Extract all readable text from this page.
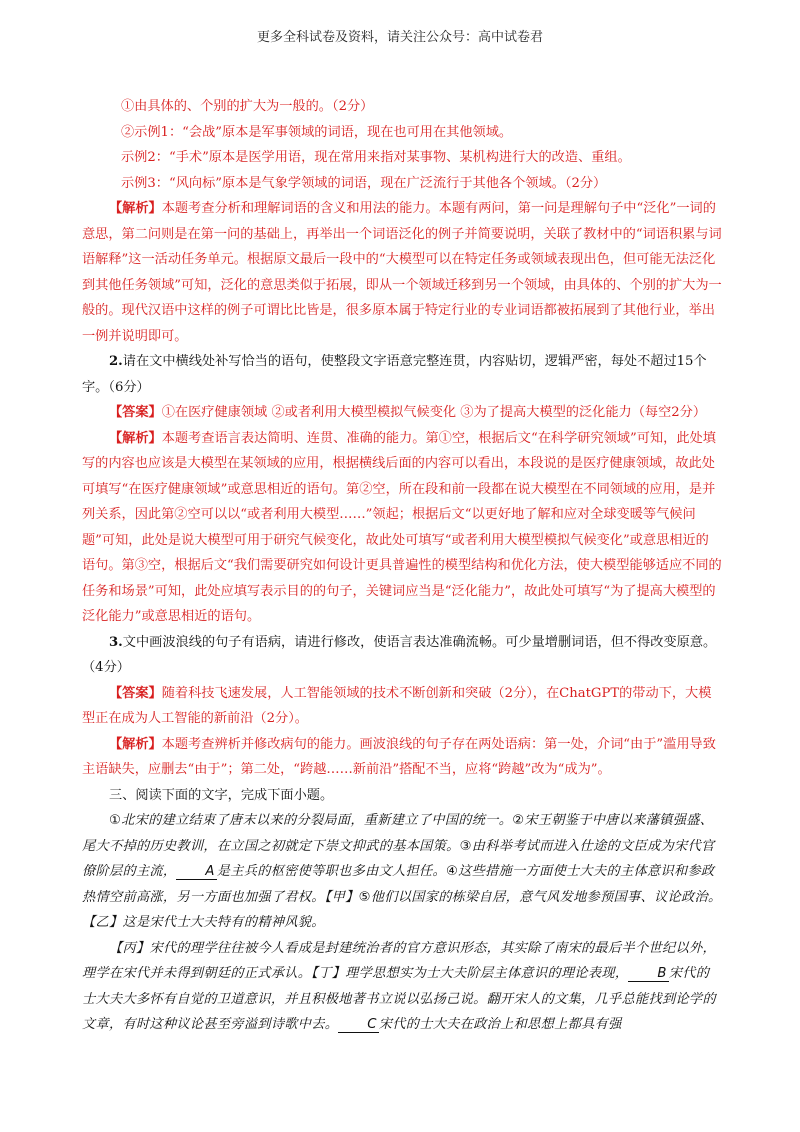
更多全科试卷及资料，请关注公众号：高中试卷君

①由具体的、个别的扩大为一般的。（2分）

②示例1：“会战”原本是军事领域的词语，现在也可用在其他领域。

示例2：“手术”原本是医学用语，现在常用来指对某事物、某机构进行大的改造、重组。

示例3：“风向标”原本是气象学领域的词语，现在广泛流行于其他各个领域。（2分）

【解析】本题考查分析和理解词语的含义和用法的能力。本题有两问，第一问是理解句子中“泛化”一词的意思，第二问则是在第一问的基础上，再举出一个词语泛化的例子并简要说明，关联了教材中的“词语积累与词语解释”这一活动任务单元。根据原文最后一段中的“大模型可以在特定任务或领域表现出色，但可能无法泛化到其他任务领域”可知，泛化的意思类似于拓展，即从一个领域迁移到另一个领域，由具体的、个别的扩大为一般的。现代汉语中这样的例子可谓比比皆是，很多原本属于特定行业的专业词语都被拓展到了其他行业，举出一例并说明即可。

2.请在文中横线处补写恰当的语句，使整段文字语意完整连贯，内容贴切，逻辑严密，每处不超过15个字。（6分）

【答案】①在医疗健康领域 ②或者利用大模型模拟气候变化 ③为了提高大模型的泛化能力（每空2分）

【解析】本题考查语言表达简明、连贯、准确的能力。第①空，根据后文“在科学研究领域”可知，此处填写的内容也应该是大模型在某领域的应用，根据横线后面的内容可以看出，本段说的是医疗健康领域，故此处可填写“在医疗健康领域”或意思相近的语句。第②空，所在段和前一段都在说大模型在不同领域的应用，是并列关系，因此第②空可以以“或者利用大模型……”领起；根据后文“以更好地了解和应对全球变暖等气候问题”可知，此处是说大模型可用于研究气候变化，故此处可填写“或者利用大模型模拟气候变化”或意思相近的语句。第③空，根据后文“我们需要研究如何设计更具普遍性的模型结构和优化方法，使大模型能够适应不同的任务和场景”可知，此处应填写表示目的的句子，关键词应当是“泛化能力”，故此处可填写“为了提高大模型的泛化能力”或意思相近的语句。

3.文中画波浪线的句子有语病，请进行修改，使语言表达准确流畅。可少量增删词语，但不得改变原意。（4分）

【答案】随着科技飞速发展，人工智能领域的技术不断创新和突破（2分），在ChatGPT的带动下，大模型正在成为人工智能的新前沿（2分）。

【解析】本题考查辨析并修改病句的能力。画波浪线的句子存在两处语病：第一处，介词“由于”滥用导致主语缺失，应删去“由于”；第二处，“跨越……新前沿”搭配不当，应将“跨越”改为“成为”。

三、阅读下面的文字，完成下面小题。

①北宋的建立结束了唐末以来的分裂局面，重新建立了中国的统一。②宋王朝鉴于中唐以来藩镇强盛、尾大不掉的历史教训，在立国之初就定下崇文抑武的基本国策。③由科举考试而进入仕途的文臣成为宋代官僚阶层的主流， A 是主兵的枢密使等职也多由文人担任。④这些措施一方面使士大夫的主体意识和参政热情空前高涨，另一方面也加强了君权。【甲】⑤他们以国家的栋梁自居，意气风发地参预国事、议论政治。【乙】这是宋代士大夫特有的精神风貌。

【丙】宋代的理学往往被今人看成是封建统治者的官方意识形态，其实除了南宋的最后半个世纪以外，理学在宋代并未得到朝廷的正式承认。【丁】理学思想实为士大夫阶层主体意识的理论表现， B 宋代的士大夫大多怀有自觉的卫道意识，并且积极地著书立说以弘扬己说。翻开宋人的文集，几乎总能找到论学的文章，有时这种议论甚至旁溢到诗歌中去。 C 宋代的士大夫在政治上和思想上都具有强
